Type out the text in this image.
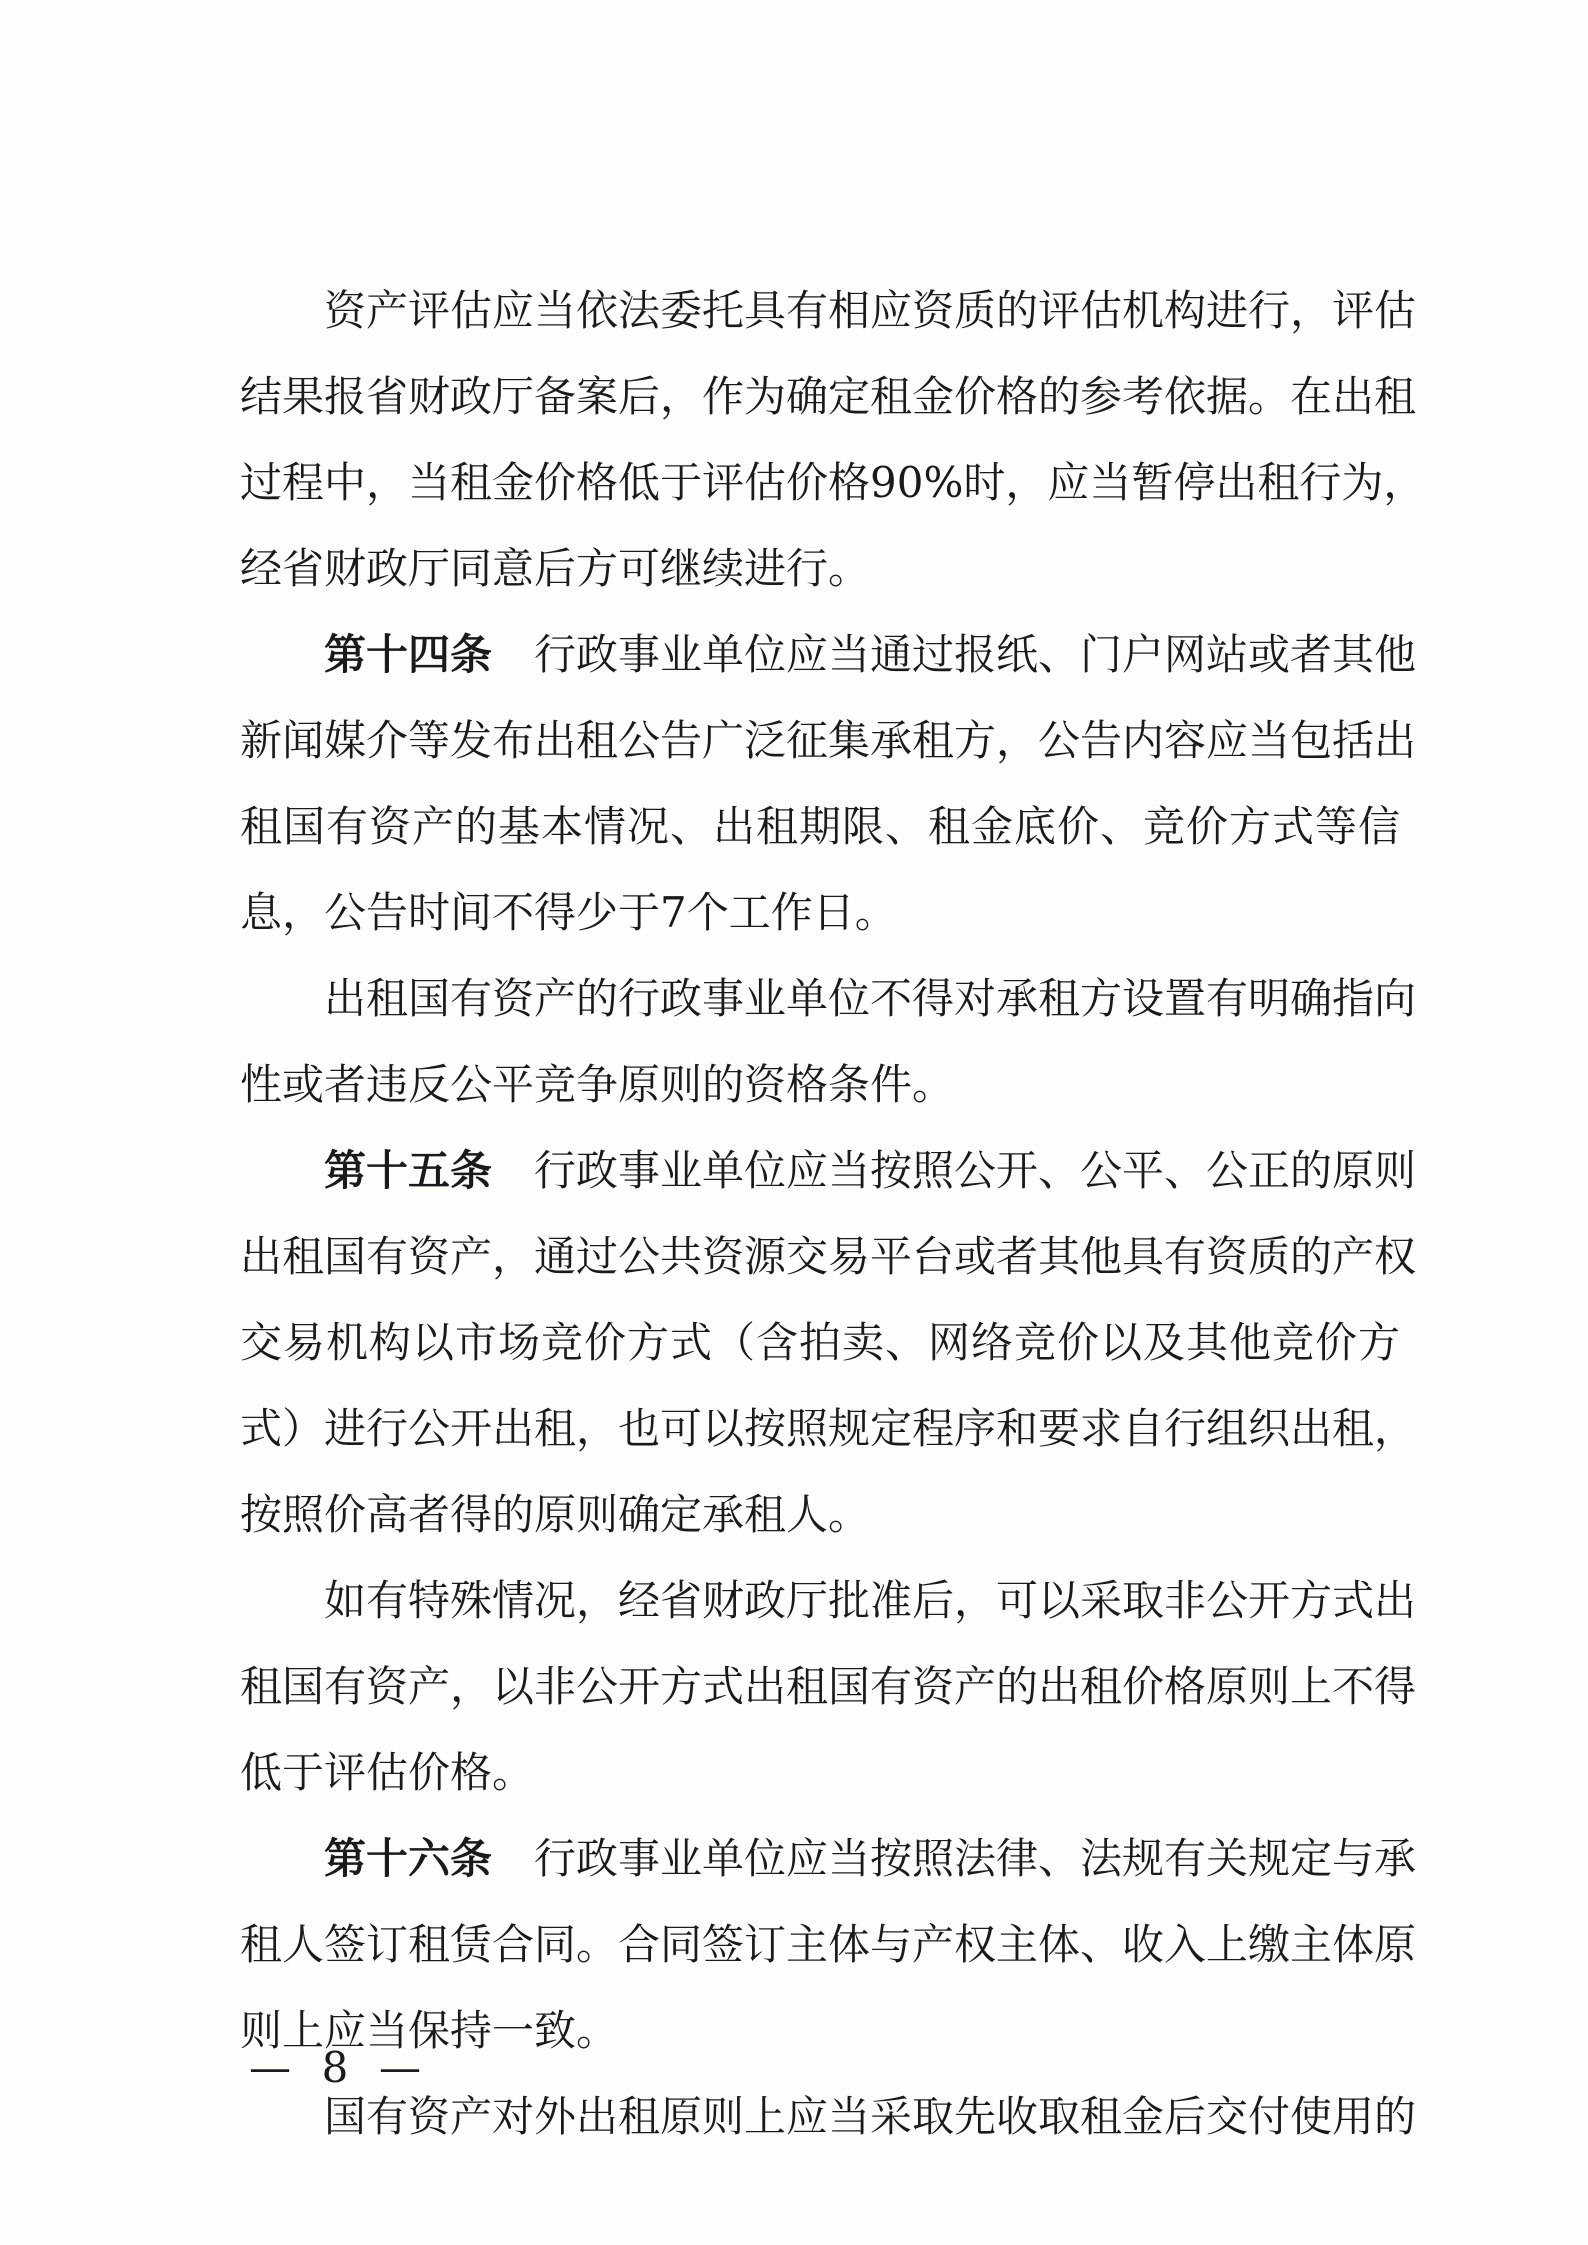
资产评估应当依法委托具有相应资质的评估机构进行，评估
结果报省财政厅备案后，作为确定租金价格的参考依据。在出租
过程中，当租金价格低于评估价格90%时，应当暂停出租行为，
经省财政厅同意后方可继续进行。
第十四条 行政事业单位应当通过报纸、门户网站或者其他
新闻媒介等发布出租公告广泛征集承租方，公告内容应当包括出
租国有资产的基本情况、出租期限、租金底价、竞价方式等信
息，公告时间不得少于7个工作日。
出租国有资产的行政事业单位不得对承租方设置有明确指向
性或者违反公平竞争原则的资格条件。
第十五条 行政事业单位应当按照公开、公平、公正的原则
出租国有资产，通过公共资源交易平台或者其他具有资质的产权
交易机构以市场竞价方式（含拍卖、网络竞价以及其他竞价方
式）进行公开出租，也可以按照规定程序和要求自行组织出租，
按照价高者得的原则确定承租人。
如有特殊情况，经省财政厅批准后，可以采取非公开方式出
租国有资产，以非公开方式出租国有资产的出租价格原则上不得
低于评估价格。
第十六条 行政事业单位应当按照法律、法规有关规定与承
租人签订租赁合同。合同签订主体与产权主体、收入上缴主体原
则上应当保持一致。
国有资产对外出租原则上应当采取先收取租金后交付使用的
— 8 —
